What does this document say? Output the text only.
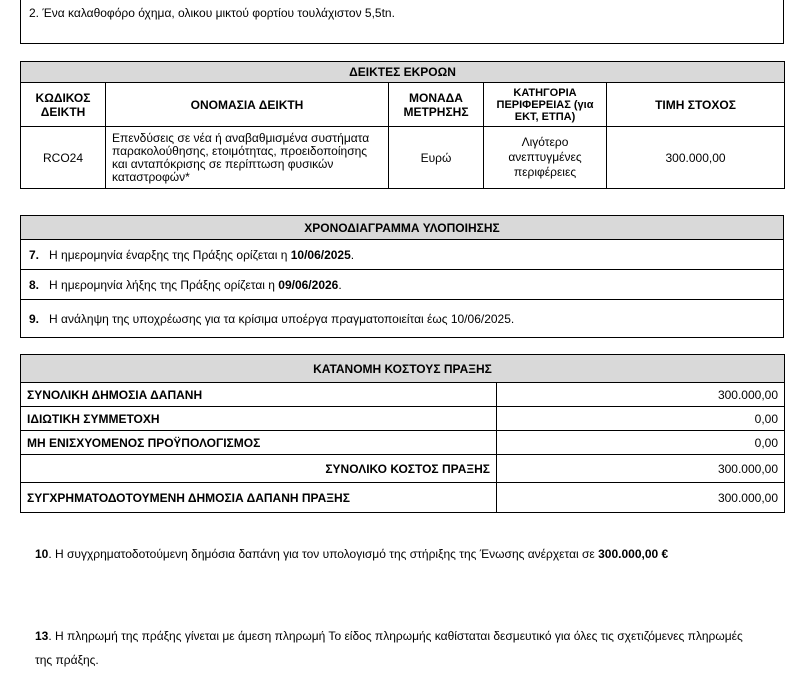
2. Ένα καλαθοφόρο όχημα, ολικου μικτού φορτίου τουλάχιστον 5,5tn.
ΔΕΙΚΤΕΣ ΕΚΡΟΩΝ				
ΚΩΔΙΚΟΣ ΔΕΙΚΤΗ	ΟΝΟΜΑΣΙΑ ΔΕΙΚΤΗ	ΜΟΝΑΔΑ ΜΕΤΡΗΣΗΣ	ΚΑΤΗΓΟΡΙΑ ΠΕΡΙΦΕΡΕΙΑΣ (για ΕΚΤ, ΕΤΠΑ)	ΤΙΜΗ ΣΤΟΧΟΣ
RCO24	Επενδύσεις σε νέα ή αναβαθμισμένα συστήματα παρακολούθησης, ετοιμότητας, προειδοποίησης και ανταπόκρισης σε περίπτωση φυσικών καταστροφών*	Ευρώ	Λιγότερο ανεπτυγμένες περιφέρειες	300.000,00
ΧΡΟΝΟΔΙΑΓΡΑΜΜΑ ΥΛΟΠΟΙΗΣΗΣ
7. Η ημερομηνία έναρξης της Πράξης ορίζεται η 10/06/2025.
8. Η ημερομηνία λήξης της Πράξης ορίζεται η 09/06/2026.
9. Η ανάληψη της υποχρέωσης για τα κρίσιμα υποέργα πραγματοποιείται έως 10/06/2025.
ΚΑΤΑΝΟΜΗ ΚΟΣΤΟΥΣ ΠΡΑΞΗΣ	
ΣΥΝΟΛΙΚΗ ΔΗΜΟΣΙΑ ΔΑΠΑΝΗ	300.000,00
ΙΔΙΩΤΙΚΗ ΣΥΜΜΕΤΟΧΗ	0,00
ΜΗ ΕΝΙΣΧΥΟΜΕΝΟΣ ΠΡΟΫΠΟΛΟΓΙΣΜΟΣ	0,00
ΣΥΝΟΛΙΚΟ ΚΟΣΤΟΣ ΠΡΑΞΗΣ	300.000,00
ΣΥΓΧΡΗΜΑΤΟΔΟΤΟΥΜΕΝΗ ΔΗΜΟΣΙΑ ΔΑΠΑΝΗ ΠΡΑΞΗΣ	300.000,00

10. Η συγχρηματοδοτούμενη δημόσια δαπάνη για τον υπολογισμό της στήριξης της Ένωσης ανέρχεται σε 300.000,00 €

13. Η πληρωμή της πράξης γίνεται με άμεση πληρωμή Το είδος πληρωμής καθίσταται δεσμευτικό για όλες τις σχετιζόμενες πληρωμές της πράξης.
